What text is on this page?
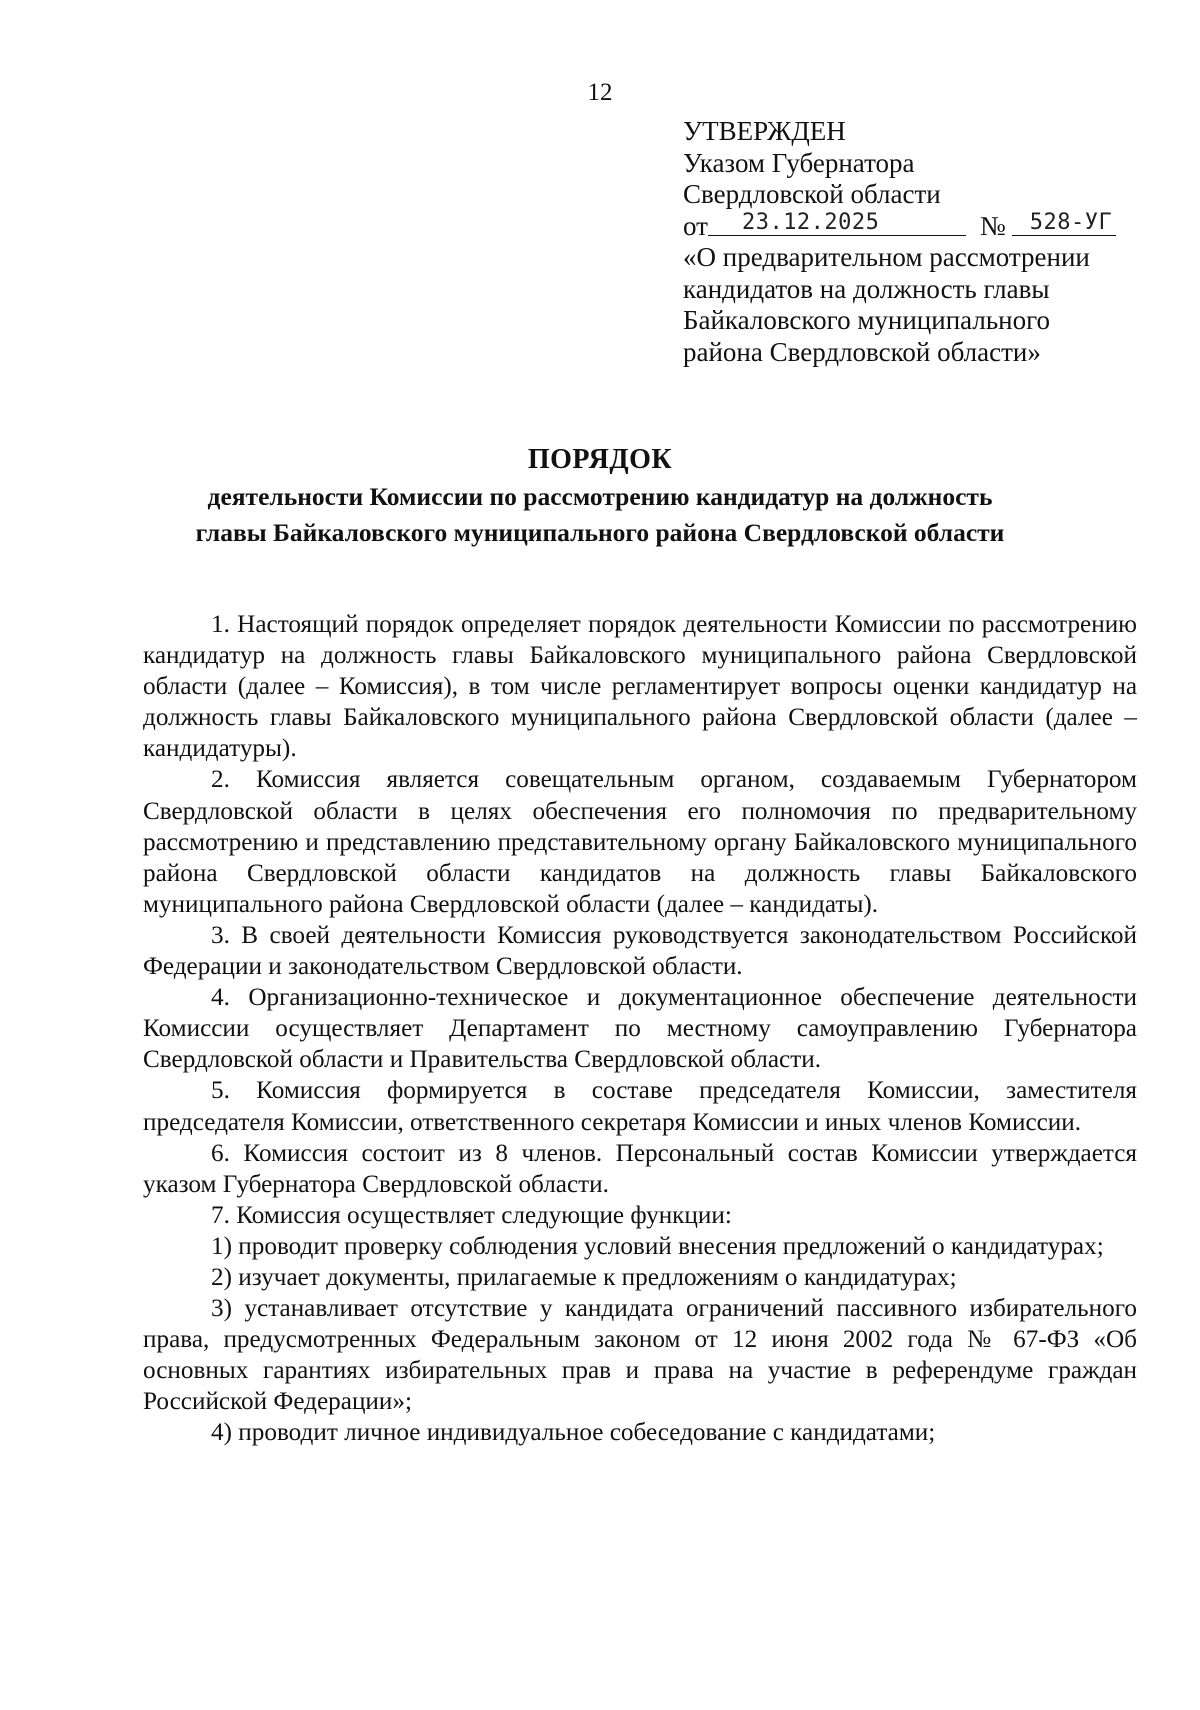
12
УТВЕРЖДЕН
Указом Губернатора
Свердловской области
от	23.12.2025	№	528-УГ
«О предварительном рассмотрении
кандидатов на должность главы
Байкаловского муниципального
района Свердловской области»
ПОРЯДОК
деятельности Комиссии по рассмотрению кандидатур на должность
главы Байкаловского муниципального района Свердловской области

1. Настоящий порядок определяет порядок деятельности Комиссии по рассмотрению кандидатур на должность главы Байкаловского муниципального района Свердловской области (далее – Комиссия), в том числе регламентирует вопросы оценки кандидатур на должность главы Байкаловского муниципального района Свердловской области (далее – кандидатуры).

2. Комиссия является совещательным органом, создаваемым Губернатором Свердловской области в целях обеспечения его полномочия по предварительному рассмотрению и представлению представительному органу Байкаловского муниципального района Свердловской области кандидатов на должность главы Байкаловского муниципального района Свердловской области (далее – кандидаты).

3. В своей деятельности Комиссия руководствуется законодательством Российской Федерации и законодательством Свердловской области.

4. Организационно-техническое и документационное обеспечение деятельности Комиссии осуществляет Департамент по местному самоуправлению Губернатора Свердловской области и Правительства Свердловской области.

5. Комиссия формируется в составе председателя Комиссии, заместителя председателя Комиссии, ответственного секретаря Комиссии и иных членов Комиссии.

6. Комиссия состоит из 8 членов. Персональный состав Комиссии утверждается указом Губернатора Свердловской области.

7. Комиссия осуществляет следующие функции:

1) проводит проверку соблюдения условий внесения предложений о кандидатурах;

2) изучает документы, прилагаемые к предложениям о кандидатурах;

3) устанавливает отсутствие у кандидата ограничений пассивного избирательного права, предусмотренных Федеральным законом от 12 июня 2002 года № 67-ФЗ «Об основных гарантиях избирательных прав и права на участие в референдуме граждан Российской Федерации»;

4) проводит личное индивидуальное собеседование с кандидатами;
